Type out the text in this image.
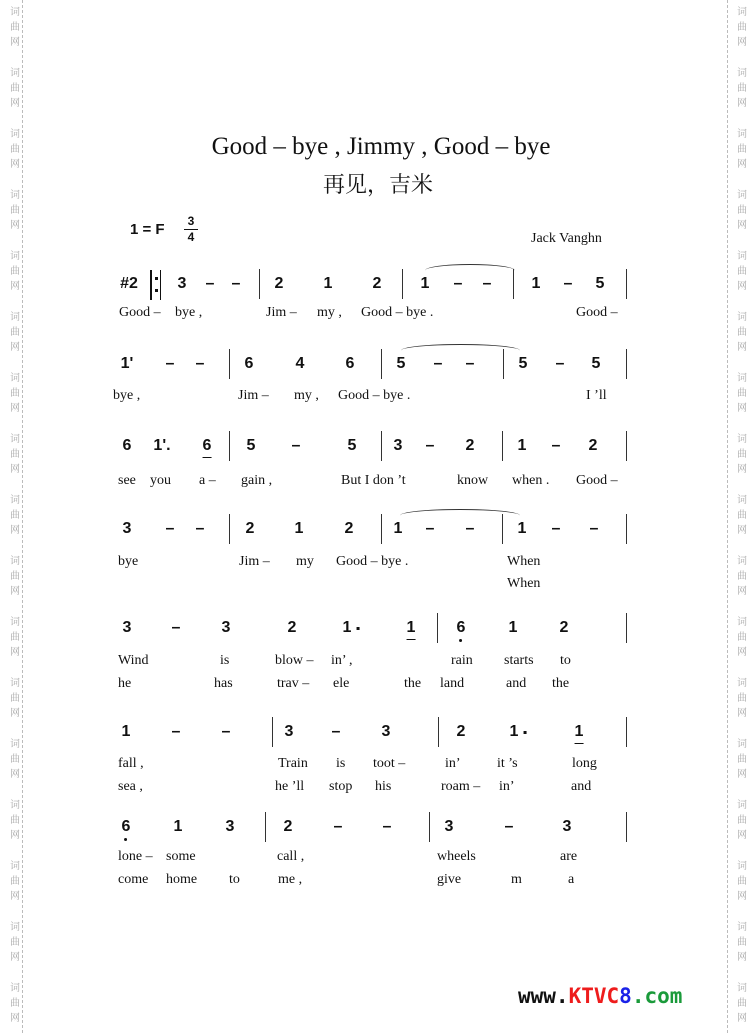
词
曲
网
词
曲
网
词
曲
网
词
曲
网
词
曲
网
词
曲
网
词
曲
网
词
曲
网
词
曲
网
词
曲
网
词
曲
网
词
曲
网
词
曲
网
词
曲
网
词
曲
网
词
曲
网
词
曲
网
词
曲
网
词
曲
网
词
曲
网
词
曲
网
词
曲
网
词
曲
网
词
曲
网
词
曲
网
词
曲
网
词
曲
网
词
曲
网
词
曲
网
词
曲
网
词
曲
网
词
曲
网
词
曲
网
词
曲
网
Good – bye , Jimmy , Good – bye
再见，吉米
1 = F	3
4	Jack Vanghn
#2 3 – – 2	1	2 1 – –	1 – 5
Good – bye ,	Jim – my , Good – bye .	Good –
1' – –	6	4	6	5 – –	5 – 5
bye ,	Jim – my , Good – bye .	I ’ll
6 1'. 6 5 –	5 3 – 2	1 – 2
see you a – gain ,	But I don ’t	know when . Good –
3 – –	2	1	2	1 – –	1 – –
bye	Jim – my Good – bye .	When
When
3	–	3	2	1	1	6	1	2
Wind	is	blow – in’ ,	rain starts to
he	has	trav – ele	the land	and the
1	–	–	3 –	3	2	1	1
fall ,	Train is toot –	in’	it ’s	long
sea ,	he ’ll stop his	roam – in’	and
6	1	3	2	–	–	3	–	3
lone – some	call ,	wheels	are
come home to	me ,	give	m	a
www.KTVC8.com
